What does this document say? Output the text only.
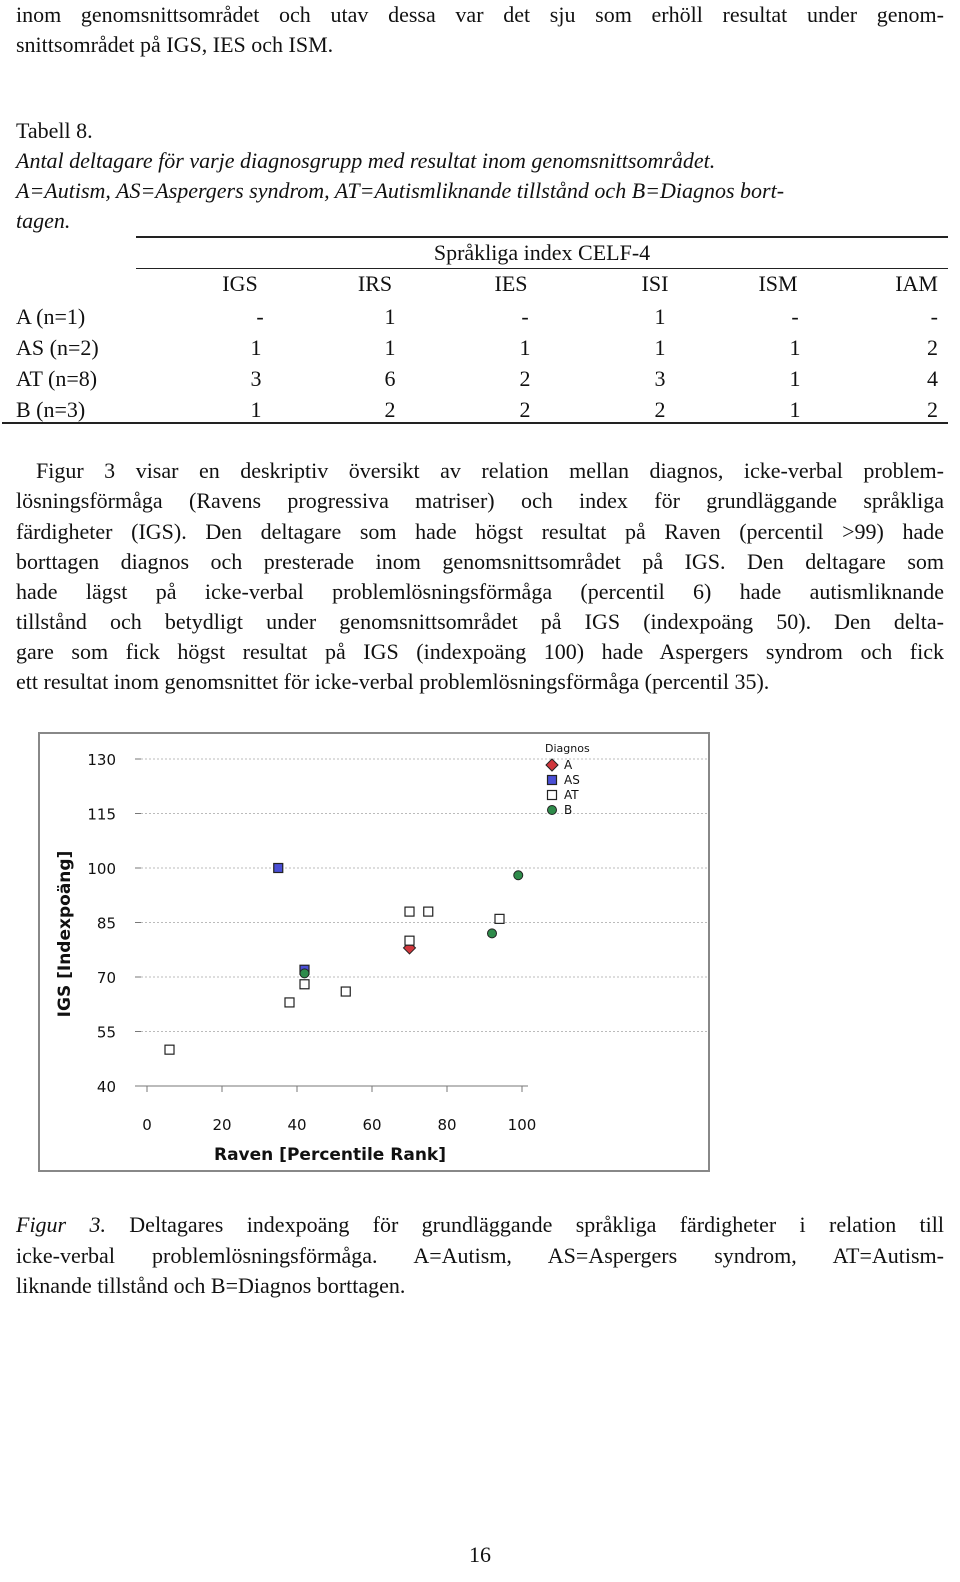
inom genomsnittsområdet och utav dessa var det sju som erhöll resultat under genom-
snittsområdet på IGS, IES och ISM.
Tabell 8.
Antal deltagare för varje diagnosgrupp med resultat inom genomsnittsområdet.
A=Autism, AS=Aspergers syndrom, AT=Autismliknande tillstånd och B=Diagnos bort-
tagen.
Språkliga index CELF-4
IGS	IRS	IES	ISI	ISM	IAM
A (n=1)	-	1	-	1	-	-
AS (n=2)	1	1	1	1	1	2
AT (n=8)	3	6	2	3	1	4
B (n=3)	1	2	2	2	1	2
Figur 3 visar en deskriptiv översikt av relation mellan diagnos, icke-verbal problem-
lösningsförmåga (Ravens progressiva matriser) och index för grundläggande språkliga
färdigheter (IGS). Den deltagare som hade högst resultat på Raven (percentil >99) hade
borttagen diagnos och presterade inom genomsnittsområdet på IGS. Den deltagare som
hade lägst på icke-verbal problemlösningsförmåga (percentil 6) hade autismliknande
tillstånd och betydligt under genomsnittsområdet på IGS (indexpoäng 50). Den delta-
gare som fick högst resultat på IGS (indexpoäng 100) hade Aspergers syndrom och fick
ett resultat inom genomsnittet för icke-verbal problemlösningsförmåga (percentil 35).
130
115
100
85
70
55
40
0	20	40	60	80	100
Raven [Percentile Rank]
IGS [Indexpoäng]
Diagnos
A
AS
AT
B
Figur 3. Deltagares indexpoäng för grundläggande språkliga färdigheter i relation till
icke-verbal problemlösningsförmåga. A=Autism, AS=Aspergers syndrom, AT=Autism-
liknande tillstånd och B=Diagnos borttagen.
16
